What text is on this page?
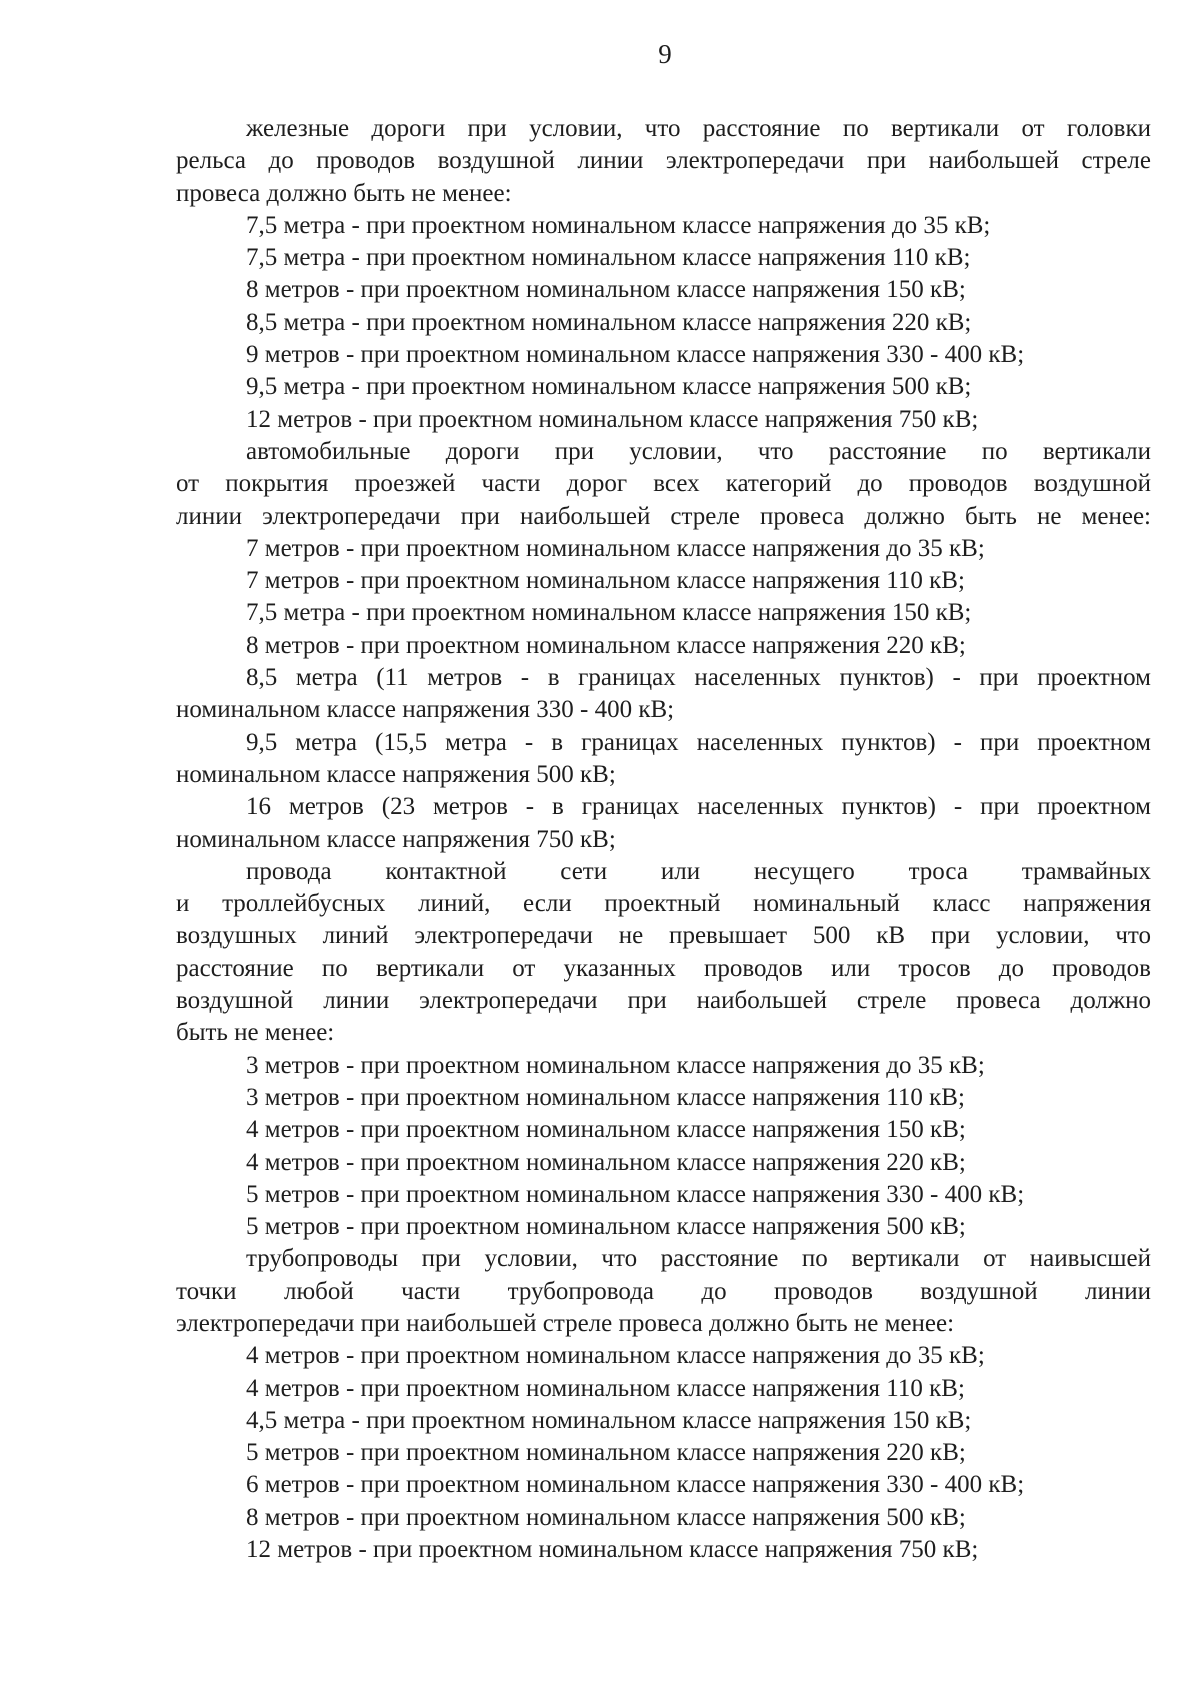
9
железные дороги при условии, что расстояние по вертикали от головки
рельса до проводов воздушной линии электропередачи при наибольшей стреле
провеса должно быть не менее:
7,5 метра - при проектном номинальном классе напряжения до 35 кВ;
7,5 метра - при проектном номинальном классе напряжения 110 кВ;
8 метров - при проектном номинальном классе напряжения 150 кВ;
8,5 метра - при проектном номинальном классе напряжения 220 кВ;
9 метров - при проектном номинальном классе напряжения 330 - 400 кВ;
9,5 метра - при проектном номинальном классе напряжения 500 кВ;
12 метров - при проектном номинальном классе напряжения 750 кВ;
автомобильные дороги при условии, что расстояние по вертикали
от покрытия проезжей части дорог всех категорий до проводов воздушной
линии электропередачи при наибольшей стреле провеса должно быть не менее:
7 метров - при проектном номинальном классе напряжения до 35 кВ;
7 метров - при проектном номинальном классе напряжения 110 кВ;
7,5 метра - при проектном номинальном классе напряжения 150 кВ;
8 метров - при проектном номинальном классе напряжения 220 кВ;
8,5 метра (11 метров - в границах населенных пунктов) - при проектном
номинальном классе напряжения 330 - 400 кВ;
9,5 метра (15,5 метра - в границах населенных пунктов) - при проектном
номинальном классе напряжения 500 кВ;
16 метров (23 метров - в границах населенных пунктов) - при проектном
номинальном классе напряжения 750 кВ;
провода контактной сети или несущего троса трамвайных
и троллейбусных линий, если проектный номинальный класс напряжения
воздушных линий электропередачи не превышает 500 кВ при условии, что
расстояние по вертикали от указанных проводов или тросов до проводов
воздушной линии электропередачи при наибольшей стреле провеса должно
быть не менее:
3 метров - при проектном номинальном классе напряжения до 35 кВ;
3 метров - при проектном номинальном классе напряжения 110 кВ;
4 метров - при проектном номинальном классе напряжения 150 кВ;
4 метров - при проектном номинальном классе напряжения 220 кВ;
5 метров - при проектном номинальном классе напряжения 330 - 400 кВ;
5 метров - при проектном номинальном классе напряжения 500 кВ;
трубопроводы при условии, что расстояние по вертикали от наивысшей
точки любой части трубопровода до проводов воздушной линии
электропередачи при наибольшей стреле провеса должно быть не менее:
4 метров - при проектном номинальном классе напряжения до 35 кВ;
4 метров - при проектном номинальном классе напряжения 110 кВ;
4,5 метра - при проектном номинальном классе напряжения 150 кВ;
5 метров - при проектном номинальном классе напряжения 220 кВ;
6 метров - при проектном номинальном классе напряжения 330 - 400 кВ;
8 метров - при проектном номинальном классе напряжения 500 кВ;
12 метров - при проектном номинальном классе напряжения 750 кВ;
